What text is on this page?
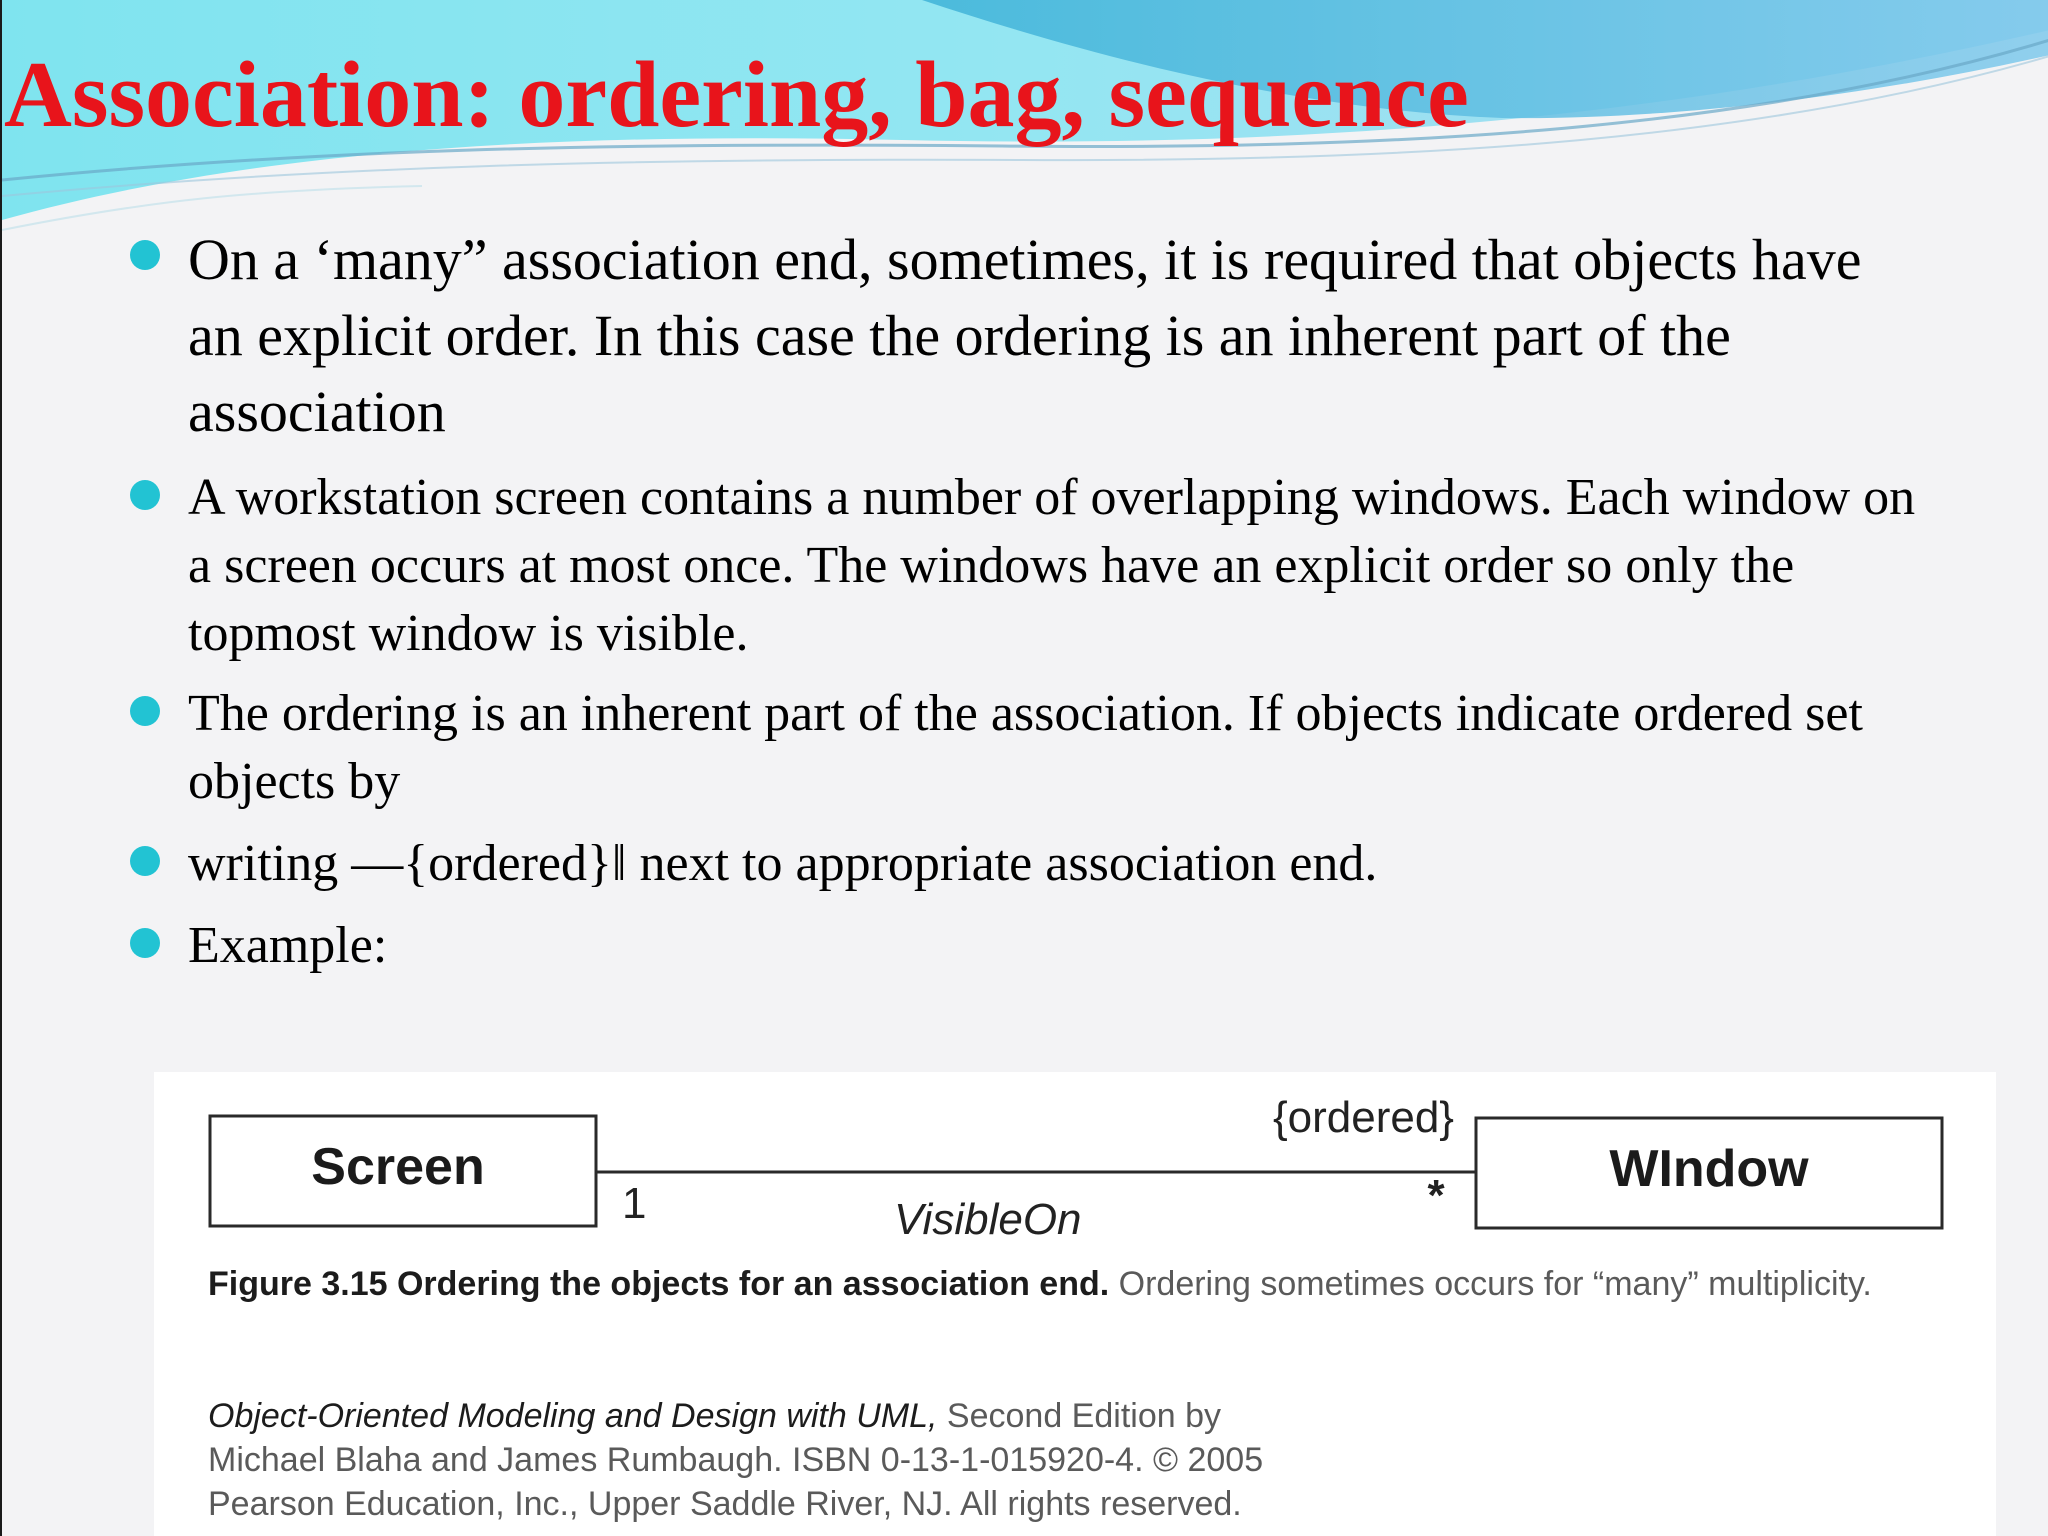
Association: ordering, bag, sequence
On a ‘many” association end, sometimes, it is required that objects have an explicit order. In this case the ordering is an inherent part of the association
A workstation screen contains a number of overlapping windows. Each window on a screen occurs at most once. The windows have an explicit order so only the topmost window is visible.
The ordering is an inherent part of the association. If objects indicate ordered set objects by
writing ―{ordered}‖ next to appropriate association end.
Example:
Screen	WIndow
{ordered}
1	*
VisibleOn
Figure 3.15 Ordering the objects for an association end. Ordering sometimes occurs for “many” multiplicity.
Object-Oriented Modeling and Design with UML, Second Edition by
Michael Blaha and James Rumbaugh. ISBN 0-13-1-015920-4. © 2005
Pearson Education, Inc., Upper Saddle River, NJ. All rights reserved.
